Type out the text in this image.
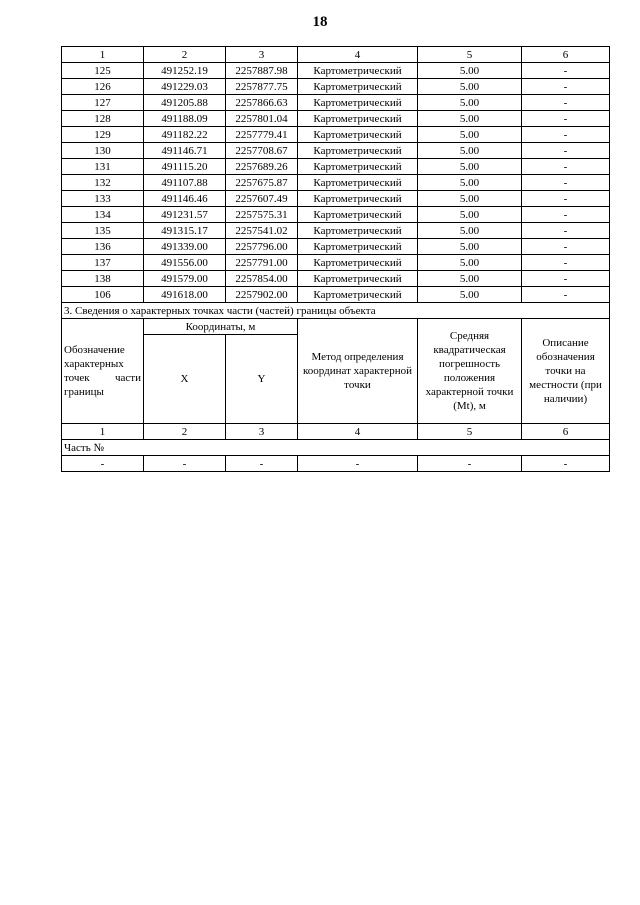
18
1	2	3	4	5	6
125	491252.19	2257887.98	Картометрический	5.00	-
126	491229.03	2257877.75	Картометрический	5.00	-
127	491205.88	2257866.63	Картометрический	5.00	-
128	491188.09	2257801.04	Картометрический	5.00	-
129	491182.22	2257779.41	Картометрический	5.00	-
130	491146.71	2257708.67	Картометрический	5.00	-
131	491115.20	2257689.26	Картометрический	5.00	-
132	491107.88	2257675.87	Картометрический	5.00	-
133	491146.46	2257607.49	Картометрический	5.00	-
134	491231.57	2257575.31	Картометрический	5.00	-
135	491315.17	2257541.02	Картометрический	5.00	-
136	491339.00	2257796.00	Картометрический	5.00	-
137	491556.00	2257791.00	Картометрический	5.00	-
138	491579.00	2257854.00	Картометрический	5.00	-
106	491618.00	2257902.00	Картометрический	5.00	-
3. Сведения о характерных точках части (частей) границы объекта					
Обозначение характерных точек части границы	Координаты, м		Метод определения координат характерной точки	Средняя квадратическая погрешность положения характерной точки (Mt), м	Описание обозначения точки на местности (при наличии)
	X	Y			
1	2	3	4	5	6
Часть №					
-	-	-	-	-	-
